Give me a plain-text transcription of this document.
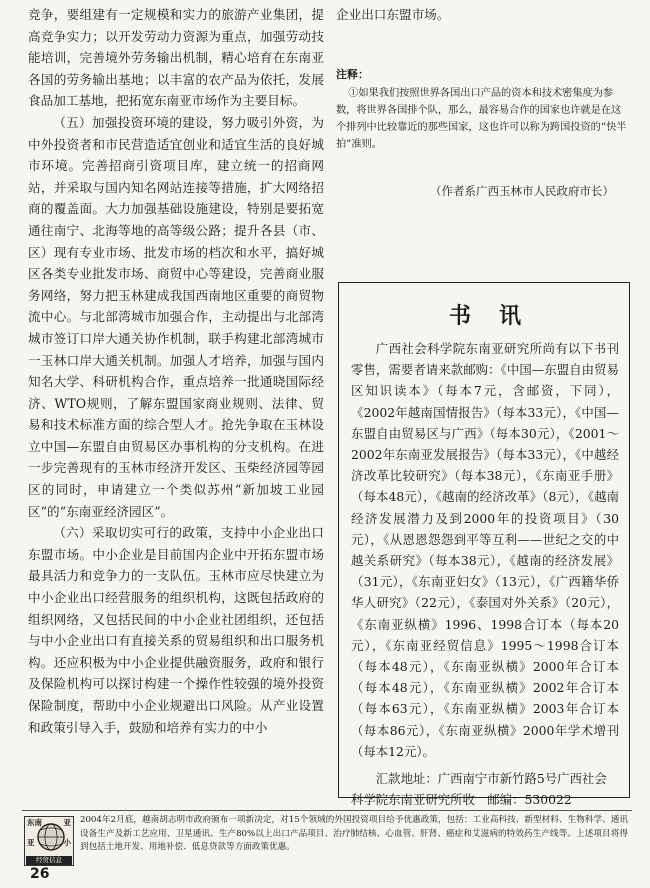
竞争，要组建有一定规模和实力的旅游产业集团，提高竞争实力；以开发劳动力资源为重点，加强劳动技能培训，完善境外劳务输出机制，精心培育在东南亚各国的劳务输出基地；以丰富的农产品为依托，发展食品加工基地，把拓宽东南亚市场作为主要目标。

（五）加强投资环境的建设，努力吸引外资，为中外投资者和市民营造适宜创业和适宜生活的良好城市环境。完善招商引资项目库，建立统一的招商网站，并采取与国内知名网站连接等措施，扩大网络招商的覆盖面。大力加强基础设施建设，特别是要拓宽通往南宁、北海等地的高等级公路；提升各县（市、区）现有专业市场、批发市场的档次和水平，搞好城区各类专业批发市场、商贸中心等建设，完善商业服务网络，努力把玉林建成我国西南地区重要的商贸物流中心。与北部湾城市加强合作，主动提出与北部湾城市签订口岸大通关协作机制，联手构建北部湾城市一玉林口岸大通关机制。加强人才培养，加强与国内知名大学、科研机构合作，重点培养一批通晓国际经济、WTO规则，了解东盟国家商业规则、法律、贸易和技术标准方面的综合型人才。抢先争取在玉林设立中国—东盟自由贸易区办事机构的分支机构。在进一步完善现有的玉林市经济开发区、玉柴经济园等园区的同时，申请建立一个类似苏州“新加坡工业园区”的“东南亚经济园区”。

（六）采取切实可行的政策，支持中小企业出口东盟市场。中小企业是目前国内企业中开拓东盟市场最具活力和竞争力的一支队伍。玉林市应尽快建立为中小企业出口经营服务的组织机构，这既包括政府的组织网络，又包括民间的中小企业社团组织，还包括与中小企业出口有直接关系的贸易组织和出口服务机构。还应积极为中小企业提供融资服务，政府和银行及保险机构可以探讨构建一个操作性较强的境外投资保险制度，帮助中小企业规避出口风险。从产业设置和政策引导入手，鼓励和培养有实力的中小

企业出口东盟市场。

注释：

①如果我们按照世界各国出口产品的资本和技术密集度为参数，将世界各国排个队，那么，最容易合作的国家也许就是在这个排列中比较靠近的那些国家，这也许可以称为跨国投资的“快半拍”准则。

（作者系广西玉林市人民政府市长）
书讯

广西社会科学院东南亚研究所尚有以下书刊零售，需要者请来款邮购：《中国—东盟自由贸易区知识读本》（每本7元，含邮资，下同），《2002年越南国情报告》（每本33元），《中国—东盟自由贸易区与广西》（每本30元），《2001～2002年东南亚发展报告》（每本33元），《中越经济改革比较研究》（每本38元），《东南亚手册》（每本48元），《越南的经济改革》（8元），《越南经济发展潜力及到2000年的投资项目》（30元），《从恩恩怨怨到平等互利——世纪之交的中越关系研究》（每本38元），《越南的经济发展》（31元），《东南亚妇女》（13元），《广西籍华侨华人研究》（22元），《泰国对外关系》（20元），《东南亚纵横》1996、1998合订本（每本20元），《东南亚经贸信息》1995～1998合订本（每本48元），《东南亚纵横》2000年合订本（每本48元），《东南亚纵横》2002年合订本（每本63元），《东南亚纵横》2003年合订本（每本86元），《东南亚纵横》2000年学术增刊（每本12元）。

汇款地址：广西南宁市新竹路5号广西社会科学院东南亚研究所收　邮编：530022

东南	亚
亚	小
经贸信息
2004年2月底，越南胡志明市政府颁布一项新决定，对15个领域的外国投资项目给予优惠政策，包括：工业高科技、新型材料、生物科学、通讯设备生产及新工艺应用、卫星通讯、生产80%以上出口产品项目、治疗肺结核、心血管、肝肾、癌症和艾滋病的特效药生产线等。上述项目将得到包括土地开发、用地补偿、低息贷款等方面政策优惠。
26
